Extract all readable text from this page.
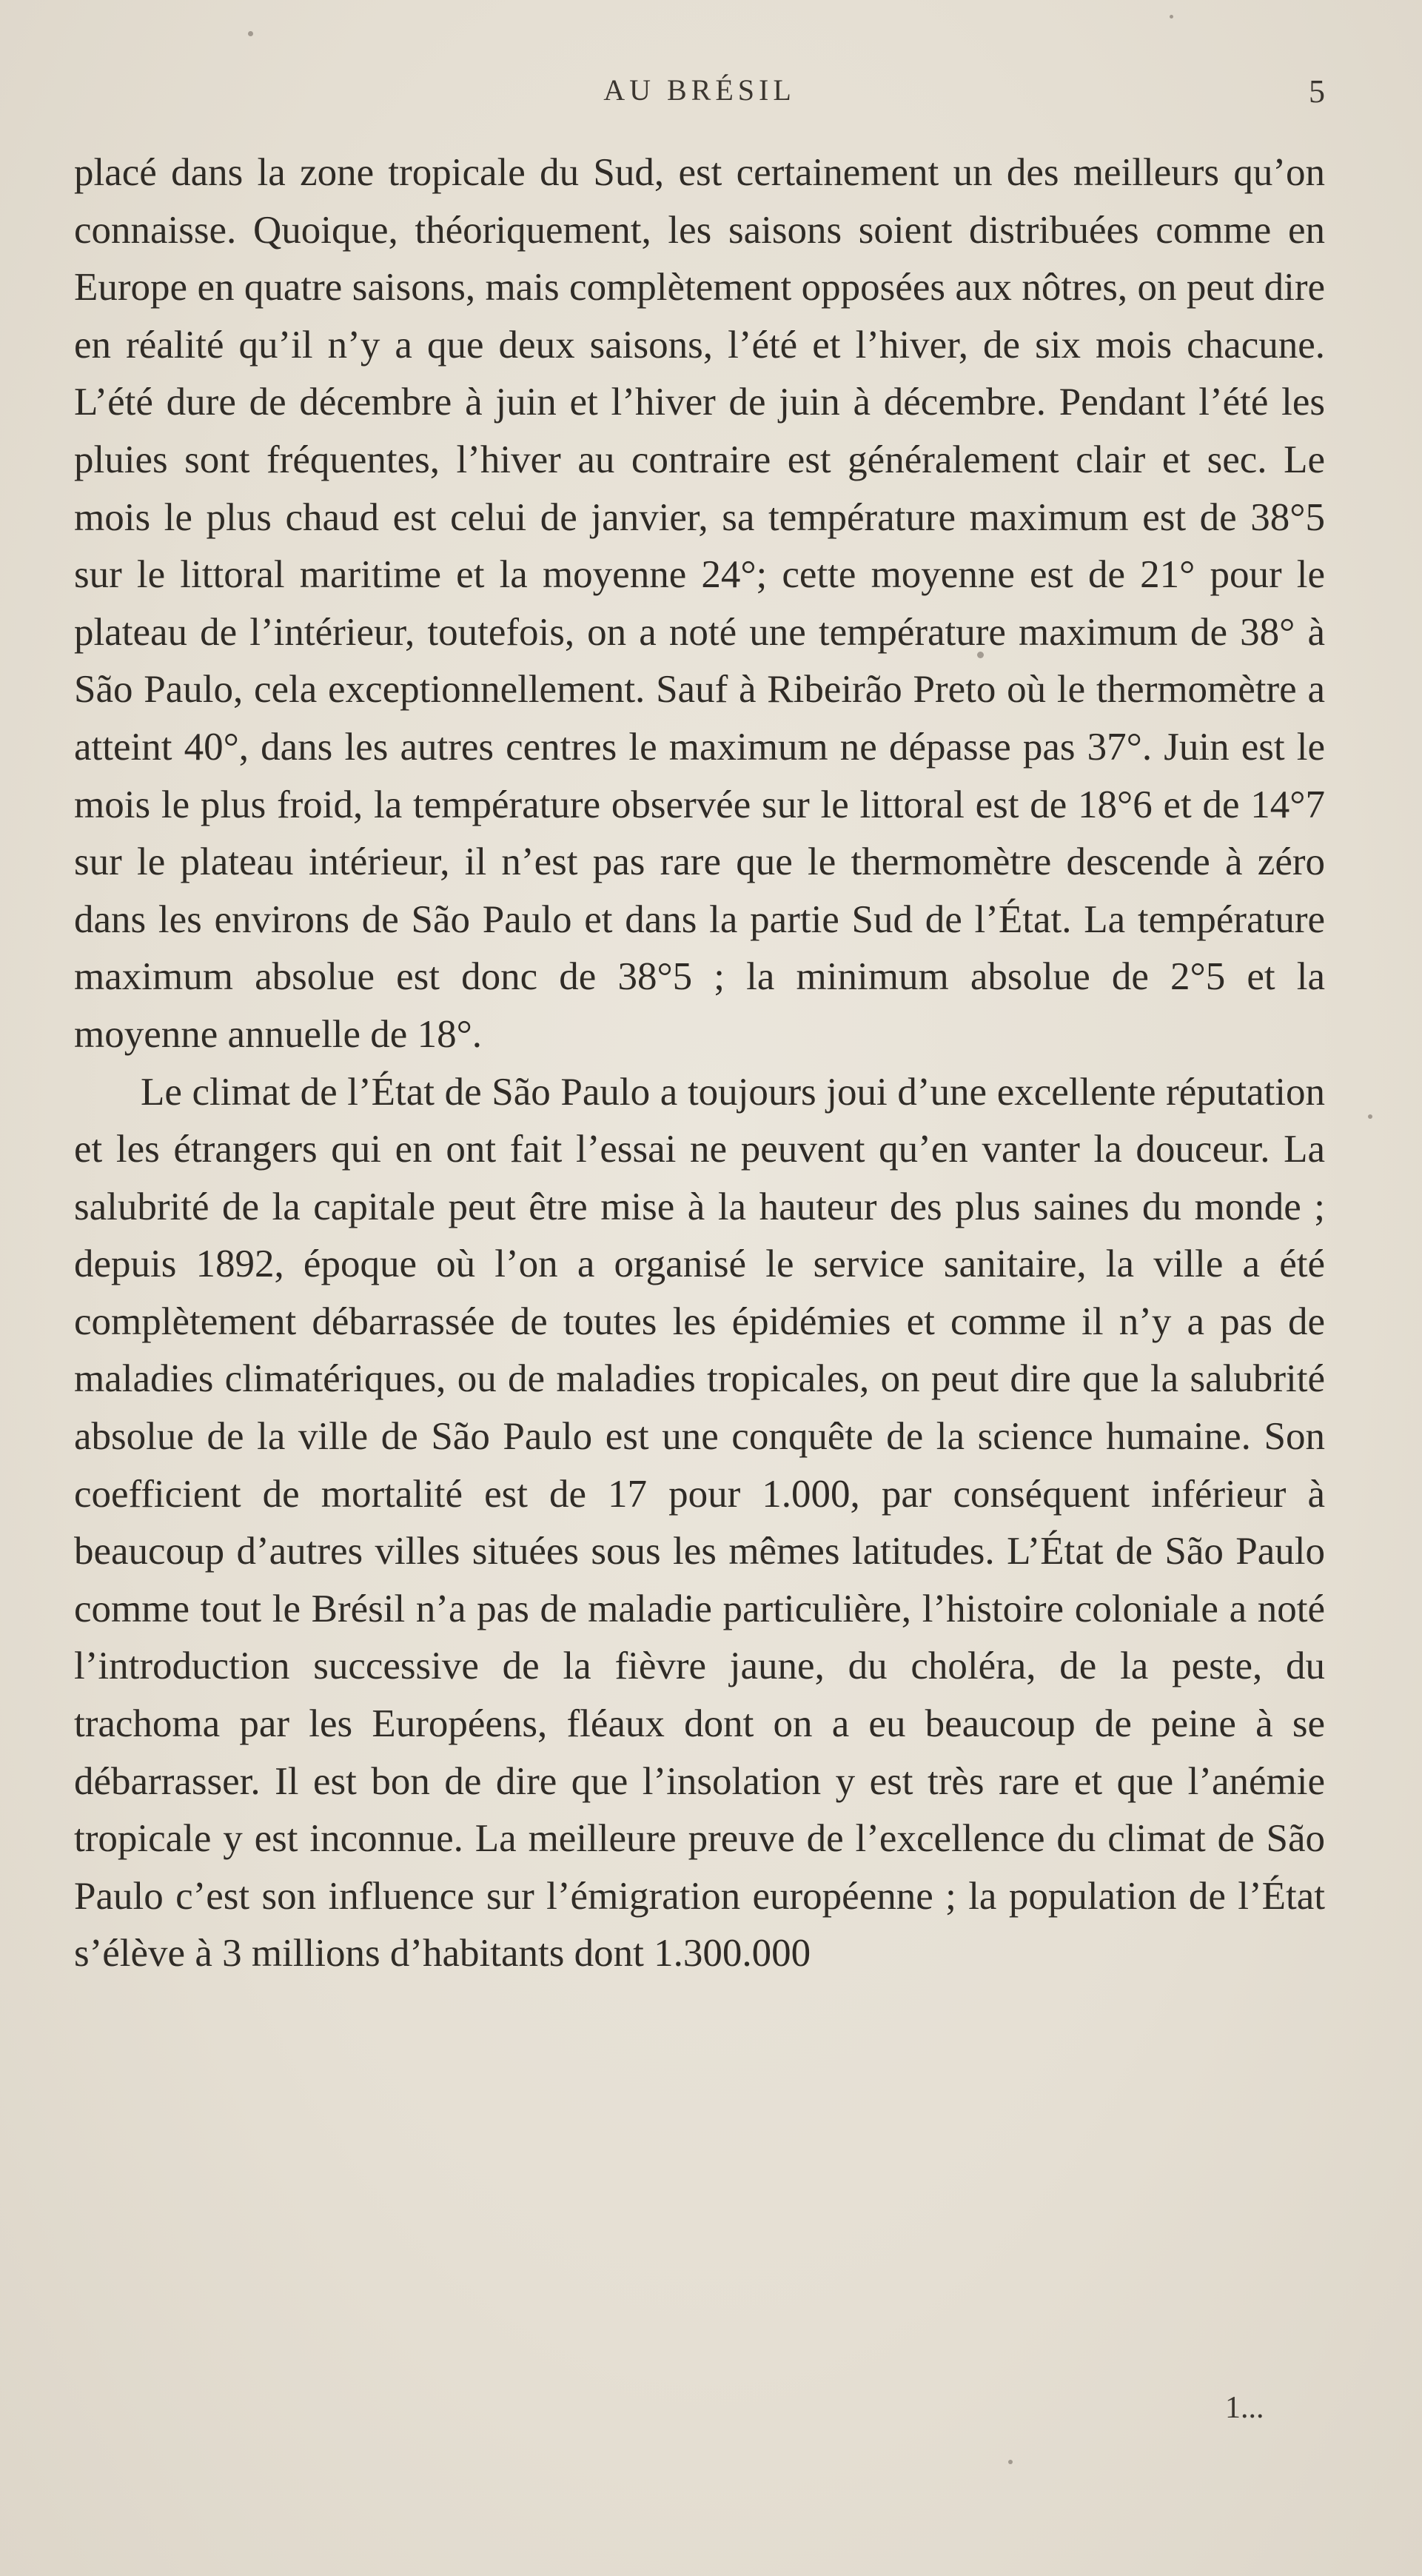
AU BRÉSIL	5

placé dans la zone tropicale du Sud, est certainement un des meilleurs qu’on connaisse. Quoique, théoriquement, les saisons soient distribuées comme en Europe en quatre saisons, mais complètement opposées aux nôtres, on peut dire en réalité qu’il n’y a que deux saisons, l’été et l’hiver, de six mois chacune. L’été dure de décembre à juin et l’hiver de juin à décembre. Pendant l’été les pluies sont fréquentes, l’hiver au contraire est généralement clair et sec. Le mois le plus chaud est celui de janvier, sa température maximum est de 38°5 sur le littoral maritime et la moyenne 24°; cette moyenne est de 21° pour le plateau de l’intérieur, toutefois, on a noté une température maximum de 38° à São Paulo, cela exceptionnellement. Sauf à Ribeirão Preto où le thermomètre a atteint 40°, dans les autres centres le maximum ne dépasse pas 37°. Juin est le mois le plus froid, la température observée sur le littoral est de 18°6 et de 14°7 sur le plateau intérieur, il n’est pas rare que le thermomètre descende à zéro dans les environs de São Paulo et dans la partie Sud de l’État. La température maximum absolue est donc de 38°5 ; la minimum absolue de 2°5 et la moyenne annuelle de 18°.

Le climat de l’État de São Paulo a toujours joui d’une excellente réputation et les étrangers qui en ont fait l’essai ne peuvent qu’en vanter la douceur. La salubrité de la capitale peut être mise à la hauteur des plus saines du monde ; depuis 1892, époque où l’on a organisé le service sanitaire, la ville a été complètement débarrassée de toutes les épidémies et comme il n’y a pas de maladies climatériques, ou de maladies tropicales, on peut dire que la salubrité absolue de la ville de São Paulo est une conquête de la science humaine. Son coefficient de mortalité est de 17 pour 1.000, par conséquent inférieur à beaucoup d’autres villes situées sous les mêmes latitudes. L’État de São Paulo comme tout le Brésil n’a pas de maladie particulière, l’histoire coloniale a noté l’introduction successive de la fièvre jaune, du choléra, de la peste, du trachoma par les Européens, fléaux dont on a eu beaucoup de peine à se débarrasser. Il est bon de dire que l’insolation y est très rare et que l’anémie tropicale y est inconnue. La meilleure preuve de l’excellence du climat de São Paulo c’est son influence sur l’émigration européenne ; la population de l’État s’élève à 3 millions d’habitants dont 1.300.000

1...
